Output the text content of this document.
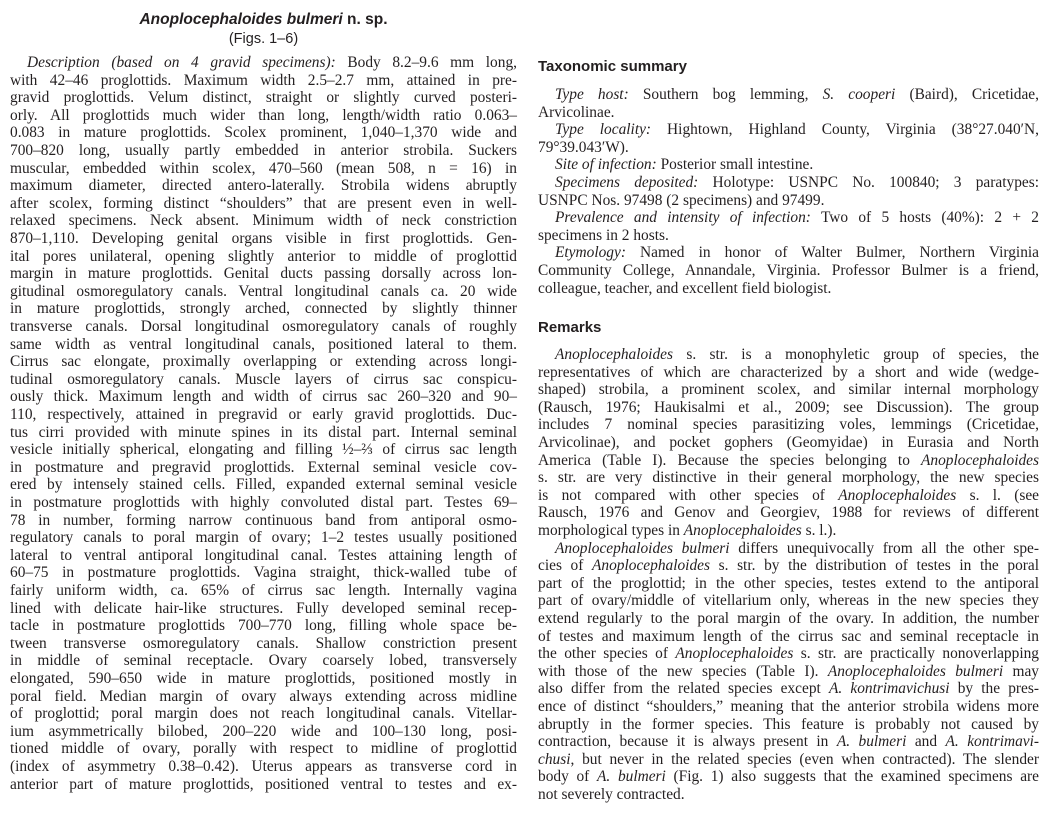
Anoplocephaloides bulmeri n. sp.
(Figs. 1–6)
Description (based on 4 gravid specimens): Body 8.2–9.6 mm long,
with 42–46 proglottids. Maximum width 2.5–2.7 mm, attained in pre-
gravid proglottids. Velum distinct, straight or slightly curved posteri-
orly. All proglottids much wider than long, length/width ratio 0.063–
0.083 in mature proglottids. Scolex prominent, 1,040–1,370 wide and
700–820 long, usually partly embedded in anterior strobila. Suckers
muscular, embedded within scolex, 470–560 (mean 508, n = 16) in
maximum diameter, directed antero-laterally. Strobila widens abruptly
after scolex, forming distinct “shoulders” that are present even in well-
relaxed specimens. Neck absent. Minimum width of neck constriction
870–1,110. Developing genital organs visible in first proglottids. Gen-
ital pores unilateral, opening slightly anterior to middle of proglottid
margin in mature proglottids. Genital ducts passing dorsally across lon-
gitudinal osmoregulatory canals. Ventral longitudinal canals ca. 20 wide
in mature proglottids, strongly arched, connected by slightly thinner
transverse canals. Dorsal longitudinal osmoregulatory canals of roughly
same width as ventral longitudinal canals, positioned lateral to them.
Cirrus sac elongate, proximally overlapping or extending across longi-
tudinal osmoregulatory canals. Muscle layers of cirrus sac conspicu-
ously thick. Maximum length and width of cirrus sac 260–320 and 90–
110, respectively, attained in pregravid or early gravid proglottids. Duc-
tus cirri provided with minute spines in its distal part. Internal seminal
vesicle initially spherical, elongating and filling ½–⅔ of cirrus sac length
in postmature and pregravid proglottids. External seminal vesicle cov-
ered by intensely stained cells. Filled, expanded external seminal vesicle
in postmature proglottids with highly convoluted distal part. Testes 69–
78 in number, forming narrow continuous band from antiporal osmo-
regulatory canals to poral margin of ovary; 1–2 testes usually positioned
lateral to ventral antiporal longitudinal canal. Testes attaining length of
60–75 in postmature proglottids. Vagina straight, thick-walled tube of
fairly uniform width, ca. 65% of cirrus sac length. Internally vagina
lined with delicate hair-like structures. Fully developed seminal recep-
tacle in postmature proglottids 700–770 long, filling whole space be-
tween transverse osmoregulatory canals. Shallow constriction present
in middle of seminal receptacle. Ovary coarsely lobed, transversely
elongated, 590–650 wide in mature proglottids, positioned mostly in
poral field. Median margin of ovary always extending across midline
of proglottid; poral margin does not reach longitudinal canals. Vitellar-
ium asymmetrically bilobed, 200–220 wide and 100–130 long, posi-
tioned middle of ovary, porally with respect to midline of proglottid
(index of asymmetry 0.38–0.42). Uterus appears as transverse cord in
anterior part of mature proglottids, positioned ventral to testes and ex-
Taxonomic summary
Type host: Southern bog lemming, S. cooperi (Baird), Cricetidae,
Arvicolinae.
Type locality: Hightown, Highland County, Virginia (38°27.040′N,
79°39.043′W).
Site of infection: Posterior small intestine.
Specimens deposited: Holotype: USNPC No. 100840; 3 paratypes:
USNPC Nos. 97498 (2 specimens) and 97499.
Prevalence and intensity of infection: Two of 5 hosts (40%): 2 + 2
specimens in 2 hosts.
Etymology: Named in honor of Walter Bulmer, Northern Virginia
Community College, Annandale, Virginia. Professor Bulmer is a friend,
colleague, teacher, and excellent field biologist.
Remarks
Anoplocephaloides s. str. is a monophyletic group of species, the
representatives of which are characterized by a short and wide (wedge-
shaped) strobila, a prominent scolex, and similar internal morphology
(Rausch, 1976; Haukisalmi et al., 2009; see Discussion). The group
includes 7 nominal species parasitizing voles, lemmings (Cricetidae,
Arvicolinae), and pocket gophers (Geomyidae) in Eurasia and North
America (Table I). Because the species belonging to Anoplocephaloides
s. str. are very distinctive in their general morphology, the new species
is not compared with other species of Anoplocephaloides s. l. (see
Rausch, 1976 and Genov and Georgiev, 1988 for reviews of different
morphological types in Anoplocephaloides s. l.).
Anoplocephaloides bulmeri differs unequivocally from all the other spe-
cies of Anoplocephaloides s. str. by the distribution of testes in the poral
part of the proglottid; in the other species, testes extend to the antiporal
part of ovary/middle of vitellarium only, whereas in the new species they
extend regularly to the poral margin of the ovary. In addition, the number
of testes and maximum length of the cirrus sac and seminal receptacle in
the other species of Anoplocephaloides s. str. are practically nonoverlapping
with those of the new species (Table I). Anoplocephaloides bulmeri may
also differ from the related species except A. kontrimavichusi by the pres-
ence of distinct “shoulders,” meaning that the anterior strobila widens more
abruptly in the former species. This feature is probably not caused by
contraction, because it is always present in A. bulmeri and A. kontrimavi-
chusi, but never in the related species (even when contracted). The slender
body of A. bulmeri (Fig. 1) also suggests that the examined specimens are
not severely contracted.
